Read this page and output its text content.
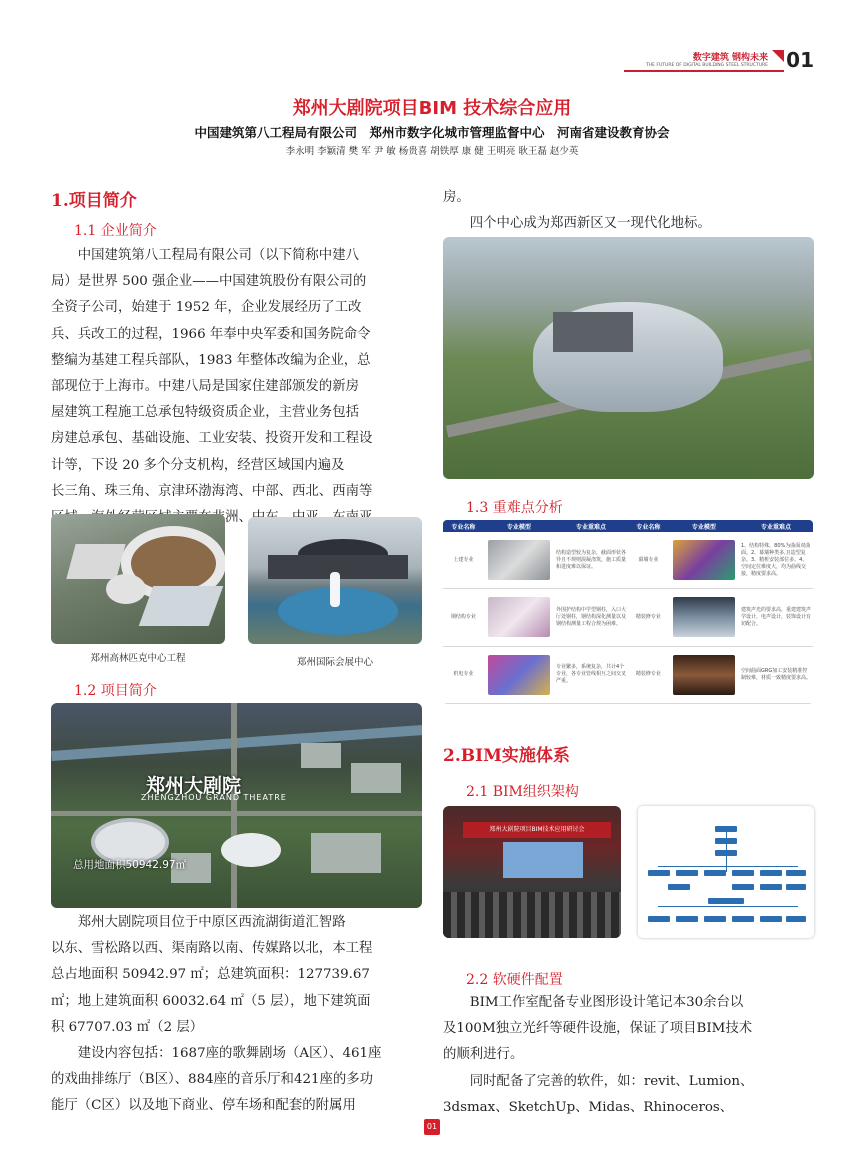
数字建筑 钢构未来
THE FUTURE OF DIGITAL BUILDING STEEL STRUCTURE 01
郑州大剧院项目BIM 技术综合应用
中国建筑第八工程局有限公司　郑州市数字化城市管理监督中心　河南省建设教育协会
李永明 李颖清 樊 军 尹 敏 杨贵喜 胡铁厚 康 健 王明亮 耿王磊 赵少英
1.项目简介
1.1 企业简介
　　中国建筑第八工程局有限公司（以下简称中建八
局）是世界 500 强企业——中国建筑股份有限公司的
全资子公司，始建于 1952 年，企业发展经历了工改
兵、兵改工的过程，1966 年奉中央军委和国务院命令
整编为基建工程兵部队，1983 年整体改编为企业，总
部现位于上海市。中建八局是国家住建部颁发的新房
屋建筑工程施工总承包特级资质企业，主营业务包括
房建总承包、基础设施、工业安装、投资开发和工程设
计等，下设 20 多个分支机构，经营区域国内遍及
长三角、珠三角、京津环渤海湾、中部、西北、西南等
郑州高林匹克中心工程	郑州国际会展中心
1.2 项目简介
郑州大剧院
ZHENGZHOU GRAND THEATRE
总用地面积50942.97㎡
　　郑州大剧院项目位于中原区西流湖街道汇智路
以东、雪松路以西、渠南路以南、传媒路以北，本工程
总占地面积 50942.97 ㎡；总建筑面积：127739.67
㎡；地上建筑面积 60032.64 ㎡（5 层），地下建筑面
积 67707.03 ㎡（2 层）
　　建设内容包括：1687座的歌舞剧场（A区）、461座
的戏曲排练厅（B区）、884座的音乐厅和421座的多功
能厅（C区）以及地下商业、停车场和配套的附属用
房。
　　四个中心成为郑西新区又一现代化地标。
1.3 重难点分析
专业名称	专业模型	专业重难点	专业名称	专业模型	专业重难点
土建专业		结构造型较为复杂，截面形状各异且不规则混凝浇筑，施工质量和进度难以保证。	幕墙专业		1、结构特殊，80%为曲面双曲面。2、幕墙种类多,且造型复杂。3、精析安装部位多。4、空间定位难度大，均为曲线交接，精度要求高。
钢结构专业		外围护结构中学型钢柱，入口大厅处钢柱，钢结构深化测量以及钢结构测量工程合规为困难。	精装修专业		建筑声光的要求高，重建建筑声学设计，电声设计，装饰设计有切配合。
机电专业		专业繁多，系统复杂，共计4个专业，各专业管线相互之间交叉严重。	精装修专业		空间曲面GRG加工安装精准控制较难，材质一致精度要求高。
2.BIM实施体系
2.1 BIM组织架构
郑州大剧院项目BIM技术应用研讨会
2.2 软硬件配置
　　BIM工作室配备专业图形设计笔记本30余台以
及100M独立光纤等硬件设施，保证了项目BIM技术
的顺利进行。
　　同时配备了完善的软件，如：revit、Lumion、
3dsmax、SketchUp、Midas、Rhinoceros、
01
